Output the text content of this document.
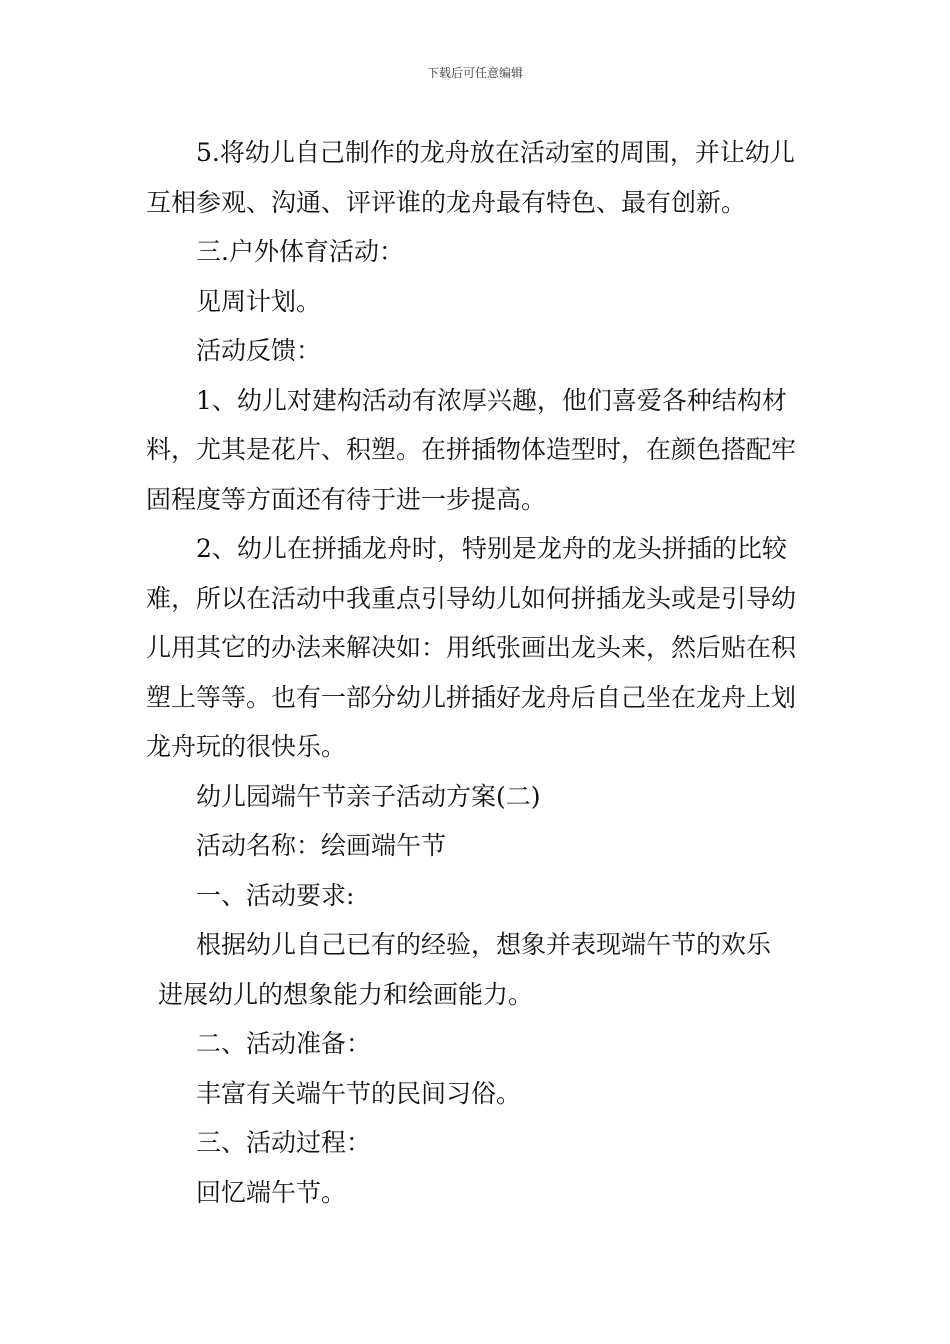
下载后可任意编辑

5.将幼儿自己制作的龙舟放在活动室的周围，并让幼儿互相参观、沟通、评评谁的龙舟最有特色、最有创新。

三.户外体育活动：

见周计划。

活动反馈：

1、幼儿对建构活动有浓厚兴趣，他们喜爱各种结构材料，尤其是花片、积塑。在拼插物体造型时，在颜色搭配牢固程度等方面还有待于进一步提高。

2、幼儿在拼插龙舟时，特别是龙舟的龙头拼插的比较难，所以在活动中我重点引导幼儿如何拼插龙头或是引导幼儿用其它的办法来解决如：用纸张画出龙头来，然后贴在积塑上等等。也有一部分幼儿拼插好龙舟后自己坐在龙舟上划龙舟玩的很快乐。

幼儿园端午节亲子活动方案(二)

活动名称：绘画端午节

一、活动要求:

根据幼儿自己已有的经验，想象并表现端午节的欢乐

进展幼儿的想象能力和绘画能力。

二、活动准备：

丰富有关端午节的民间习俗。

三、活动过程：

回忆端午节。
